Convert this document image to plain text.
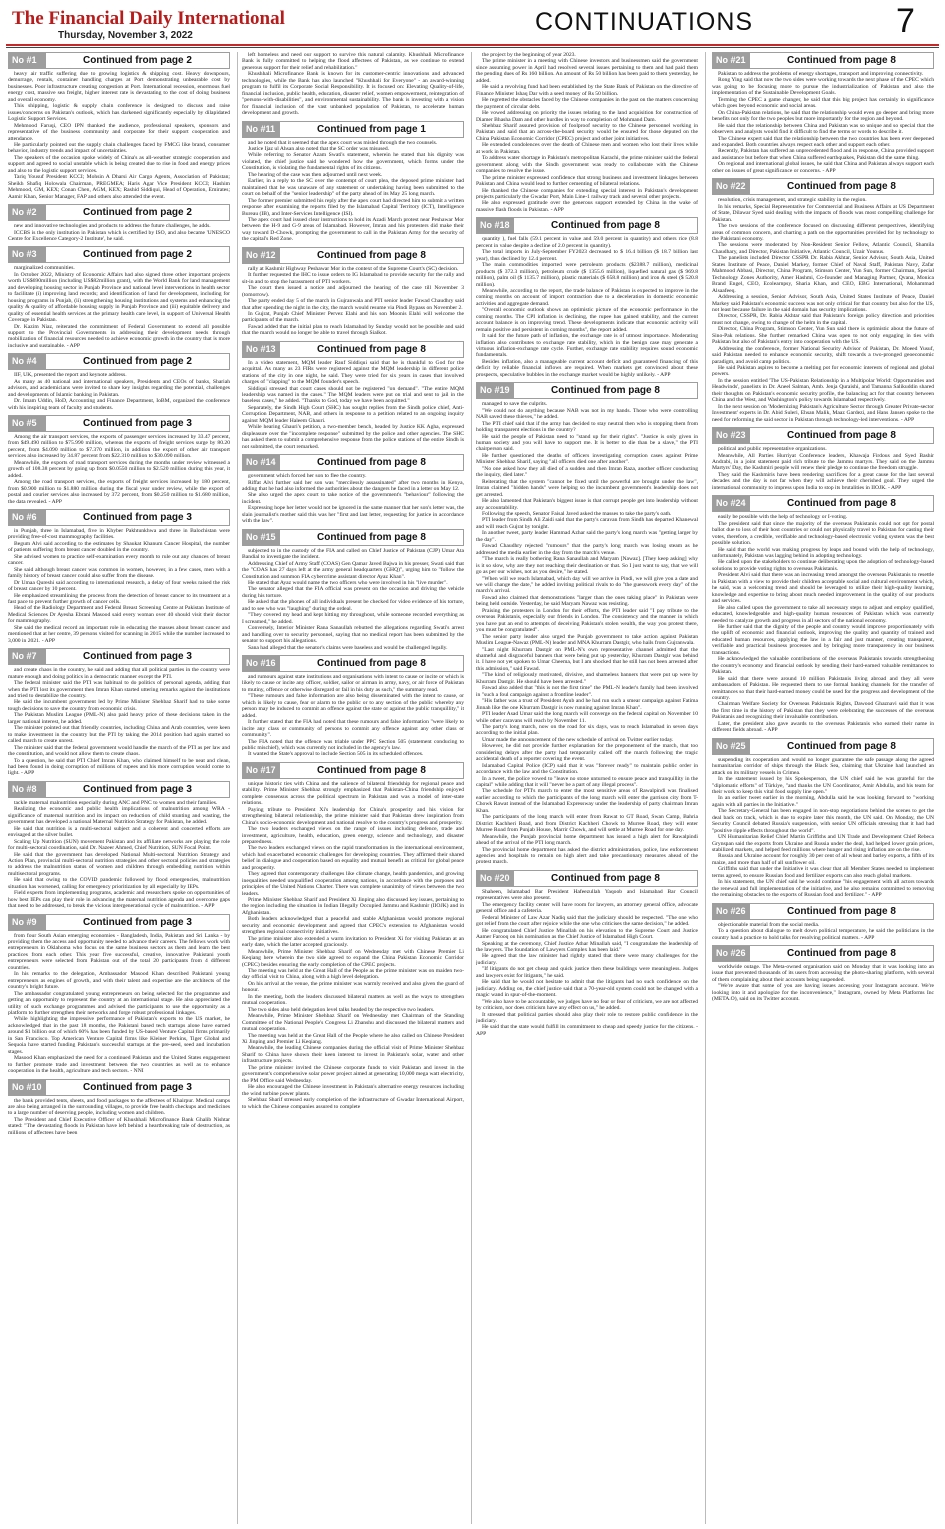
The Financial Daily International
Thursday, November 3, 2022	CONTINUATIONS	7
No #1	Continued from page 2

heavy air traffic suffering due to growing logistics & shipping cost. Heavy downpours, demurrage, rentals, container handling charges at Port demonstrating unbearable cost by businesses. Poor infrastructure creating congestion at Port. International recession, enormous fuel energy cost, massive sea freight, higher interest rate is devastating to the cost of doing business and overall economy.

This shipping, logistic & supply chain conference is designed to discuss and raise issues/concerns on Pakistan's outlook, which has darkened significantly especially by dilapidated Logistic Support Services.

Mehmood Faruqi, CEO IPN thanked the audience, professional speakers, sponsors and representative of the business community and corporate for their support cooperation and attendance.

He particularly pointed out the supply chain challenges faced by FMCG like brand, consumer behavior, industry trends and impact of uncertainties.

The speakers of the occasion spoke widely of China's as all-weather strategic cooperation and support and agreed to social unstable which is being created due to rise in food and energy prices and also to the logistic support services.

Tariq Yousuf President KCCI; Mohsin A Dharsi Air Cargo Agents, Association of Pakistan; Sheikh Shafiq Holowala Chairman, PREGMEA; Haris Agar Vice President KCCI; Hashim Mehmood, GM, KEX; Conan Chen, AGM, KEX; Rashid Siddiqui, Head of Operation, Emirates; Aamir Khan, Senior Manager, FAP and others also attended the event.

No #2	Continued from page 2

new and innovative technologies and products to address the future challenges, he adds.

ICCBS is the only institution in Pakistan which is certified by ISO, and also became 'UNESCO Centre for Excellence Category-2 Institute', he said.

No #3	Continued from page 2

marginalized communities.

In October 2022, Ministry of Economic Affairs had also signed three other important projects worth US$690million (including US$82million grant), with the World Bank for land management and developing housing sector in Punjab Province and national level interventions in health sector to facilitate (i) improving land records; and identification of land for development, including for housing programs in Punjab, (ii) strengthening housing institutions and systems and enhancing the quality & quality of affordable housing supply in Punjab Province and (iii) equitable delivery and quality of essential health services at the primary health care level, in support of Universal Health Coverage in Pakistan.

Dr. Kazim Niaz, reiterated the commitment of Federal Government to extend all possible support to the Provincial Governments in addressing their development needs through mobilization of financial resources needed to achieve economic growth in the country that is more inclusive and sustainable. - APP

No #4	Continued from page 2

IIF, UK, presented the report and keynote address.

As many as 40 national and international speakers, Presidents and CEOs of banks, Shariah advisors, and academicians were invited to share key insights regarding the potential, challenges and developments of Islamic banking in Pakistan.

Dr. Imam Uddin, HoD, Accounting and Finance Department, IoBM, organized the conference with his inspiring team of faculty and students.

No #5	Continued from page 3

Among the air transport services, the exports of passenger services increased by 33.47 percent, from $49.490 million to $75.990 million, whereas the exports of freight services surge by 80.20 percent, from $4.090 million to $7.370 million, in addition the export of other air transport services also increased by 34.87 percent from $22.310 million to $30.090 million.

Meanwhile, the exports of road transport services during the months under review witnessed a growth of 108.38 percent by going up from $0.0550 million to $2.520 million during this year, it added.

Among the road transport services, the exports of freight services increased by 180 percent, from $0.900 million to $1.880 million during the fiscal year under review, while the export of postal and courier services also increased by 372 percent, from $0.250 million to $1.680 million, the data revealed. - APP

No #6	Continued from page 3

in Punjab, three in Islamabad, five in Khyber Pakhtunkhwa and three in Balochistan were providing free-of-cost mammography facilities.

Begum Alvi said according to the estimates by Shaukat Khanum Cancer Hospital, the number of patients suffering from breast cancer doubled in the country.

She advised women to practice self-examination every month to rule out any chances of breast cancer.

She said although breast cancer was common in women, however, in a few cases, men with a family history of breast cancer could also suffer from the disease.

Dr Umaa Qureshi said according to international research, a delay of four weeks raised the risk of breast cancer by 10 percent.

He emphasized streamlining the process from the detection of breast cancer to its treatment at a fast pace to prevent further growth of cancer cells.

Head of the Radiology Department and Federal Breast Screening Centre at Pakistan Institute of Medical Sciences Dr Ayesha Ebrani Masood said every woman over 40 should visit their doctor for mammography.

She said the medical record an important role in educating the masses about breast cancer and mentioned that at her centre, 39 persons visited for scanning in 2015 while the number increased to 3,000 in 2021. - APP

No #7	Continued from page 3

and create chaos in the country, he said and adding that all political parties in the country were mature enough and doing politics in a democratic manner except the PTI.

The federal minister said the PTI was habitual to do politics of personal agenda, adding that when the PTI lost its government then Imran Khan started uttering remarks against the institutions and tried to destabilize the country.

He said the incumbent government led by Prime Minister Shehbaz Sharif had to take some tough decisions to save the country from economic crisis.

The Pakistan Muslim League (PML-N) also paid heavy price of these decisions taken in the larger national interest, he added.

The minister pointed out that friendly countries, including China and Arab countries, were keen to make investment in the country but the PTI by taking the 2014 position had again started so called march to create unrest.

The minister said that the federal government would handle the march of the PTI as per law and the constitution, and would not allow them to create chaos.

To a question, he said that PTI Chief Imran Khan, who claimed himself to be neat and clean, had been found in doing corruption of millions of rupees and his more corruption would come to light. - APP

No #8	Continued from page 3

tackle maternal malnutrition especially during ANC and PNC to women and their families.

Realizing the economic and public health implications of malnutrition among WRA - significance of maternal nutrition and its impact on reduction of child stunting and wasting, the government has developed a national Maternal Nutrition Strategy for Pakistan, he added.

He said that nutrition is a multi-sectoral subject and a coherent and concerted efforts are envisaged at the silver bullet.

Scaling Up Nutrition (SUN) movement Pakistan and its affiliate networks are playing the role for multi-sectoral coordination, said Dr. Nazeer Ahmed, Chief Nutrition, SUN Focal Point.

He said that the government has developed National Multi-sectoral Nutrition Strategy and Action Plan, provincial multi-sectoral nutrition strategies and other sectoral policies and strategies to address the malnutrition status of women and children through embedding nutrition within multisectoral programs.

He said that owing to the COVID pandemic followed by flood emergencies, malnutrition situation has worsened, calling for emergency prioritization by all especially by IEPs.

Field experts from implementing programs, academic and researchers spoke on opportunities of how best IEPs can play their role in advancing the maternal nutrition agenda and overcome gaps that need to be addressed, to break the vicious intergenerational cycle of malnutrition. - APP

No #9	Continued from page 3

from four South Asian emerging economies - Bangladesh, India, Pakistan and Sri Lanka - by providing them the access and opportunity needed to advance their careers. The fellows work with entrepreneurs in Oklahoma who focus on the same business sectors as them and learn the best practices from each other. This year five successful, creative, innovative Pakistani youth entrepreneurs were selected from Pakistan out of the total 20 participants from 4 different countries.

In his remarks to the delegation, Ambassador Masood Khan described Pakistani young entrepreneurs as engines of growth, and with their talent and expertise are the architects of the country's bright future.

The ambassador congratulated young entrepreneurs on being selected for the programme and getting an opportunity to represent the country at an international stage. He also appreciated the utility of such exchange programmes and advised the participants to use the opportunity as a platform to further strengthen their networks and forge robust professional linkages.

While highlighting the impressive performance of Pakistan's exports to the US market, he acknowledged that in the past 18 months, the Pakistani based tech startups alone have earned around $1 billion out of which 60% has been funded by US-based Venture Capital firms primarily in San Francisco. Top American Venture Capital firms like Kleiner Perkins, Tiger Global and Sequoia have started funding Pakistan's successful startups at the pre-seed, seed and incubation stages.

Masood Khan emphasized the need for a continued Pakistan and the United States engagement to further promote trade and investment between the two countries as well as to enhance cooperation in the health, agriculture and tech sectors. - NNI

No #10	Continued from page 3

the bank provided tents, sheets, and food packages to the affectees of Khairpur. Medical camps are also being arranged in the surrounding villages, to provide free health checkups and medicines to a large number of deserving people, including women and children.

The President and Chief Executive Officer of Khushhali Microfinance Bank Ghalib Nishtar stated: "The devastating floods in Pakistan have left behind a heartbreaking tale of destruction, as millions of affectees have been

left homeless and need our support to survive this natural calamity. Khushhali Microfinance Bank is fully committed to helping the flood affectees of Pakistan, as we continue to extend generous support for their relief and rehabilitation."

Khushhali Microfinance Bank is known for its customer-centric innovations and advanced technologies, while the Bank has also launched "Khushhali for Everyone" - an award-winning program to fulfil its Corporate Social Responsibility. It is focused on: Elevating Quality-of-life, financial inclusion, public health, education, disaster relief, women empowerment, reintegration of "persons-with-disabilities", and environmental sustainability. The bank is investing with a vision for financial inclusion of the vast unbanked population of Pakistan, to accelerate human development and growth.

No #11	Continued from page 1

and he noted that it seemed that the apex court was misled through the two counsels.

Justice Ijaz ul Ahsan also noted that the SC order was misused.

While referring to Senator Azam Swati's statement, wherein he stated that his dignity was violated, the chief justice said he wondered how the government, which forms under the Constitution, is violating the fundamental rights of its citizens.

The hearing of the case was then adjourned until next week.

Earlier, in a reply to the SC over the contempt of court plea, the deposed prime minister had maintained that he was unaware of any statement or undertaking having been submitted to the court on behalf of the "senior leadership" of the party ahead of its May 25 long march.

The former premier submitted his reply after the apex court had directed him to submit a written response after examining the reports filed by the Islamabad Capital Territory (ICT), Intelligence Bureau (IB), and Inter-Services Intelligence (ISI).

The apex court had issued clear instructions to hold its Azadi March protest near Peshawar Mor between the H-9 and G-9 areas of Islamabad. However, Imran and his protesters did make their way toward D-Chowk, prompting the government to call in the Pakistan Army for the security of the capital's Red Zone.

No #12	Continued from page 8

rally at Kashmir Highway Peshawar Mor in the context of the Supreme Court's (SC) decision.

It further requested the IHC to issue orders to IG Islamabad to provide security for the rally and sit-in and to stop the harassment of PTI workers.

The court then issued a notice and adjourned the hearing of the case till November 3 (tomorrow).

The party ended day 5 of the march in Gujranwala and PTI senior leader Fawad Chaudhry said that after spending the night in the city, the march would resume via Pindi Bypass on November 2.

In Gujrat, Punjab Chief Minister Pervez Elahi and his son Moonis Elahi will welcome the participants of the march.

Fawad added that the initial plan to reach Islamabad by Sunday would not be possible and said that the march would no longer be able to travel through Sialkot.

No #13	Continued from page 8

In a video statement, MQM leader Rauf Siddiqui said that he is thankful to God for the acquittal. As many as 23 FIRs were registered against the MQM leadership in different police stations of the city in one night, he said. They were tried for six years in cases that involved charges of "clapping" to the MQM founder's speech.

Siddiqui stressed that court cases should not be registered "on demand". "The entire MQM leadership was named in the cases." The MQM leaders were put on trial and sent to jail in the baseless cases," he added. "Thanks to God, today we have been acquitted."

Separately, the Sindh High Court (SHC) has sought replies from the Sindh police chief, Anti-Corruption Department, NAB, and others in response to a petition related to an ongoing inquiry against MQM leader Haleem Ghauri.

While hearing Ghauri's petition, a two-member bench, headed by Justice KK Agha, expressed displeasure over the "incomplete response" submitted by the police and other agencies. The SHC has asked them to submit a comprehensive response from the police stations of the entire Sindh is not submitted, the court remarked.

No #14	Continued from page 8

government which forced her son to flee the country.

Riffat Alvi further said her son was "mercilessly assassinated" after two months in Kenya, adding that he had also informed the authorities about the dangers he faced in a letter on May 12.

She also urged the apex court to take notice of the government's "behaviour" following the incident.

Expressing hope her letter would not be ignored in the same manner that her son's letter was, the slain journalist's mother said this was her "first and last letter, requesting for justice in accordance with the law".

No #15	Continued from page 8

subjected to in the custody of the FIA and called on Chief Justice of Pakistan (CJP) Umar Ata Bandial to investigate the incident.

Addressing Chief of Army Staff (COAS) Gen Qamar Javed Bajwa in his presser, Swati said that the "COAS has 27 days left at the army general headquarters (GHQ)", urging him to "follow the Constitution and summon FIA cybercrime assistant director Ayaz Khan".

He stated that Ayaz would name the two officers who were involved in his "live murder".

The senator alleged that the FIA official was present on the occasion and driving the vehicle during his torture.

He asked that the phones of all individuals present be checked for video evidence of his torture, and to see who was "laughing" during the ordeal.

"They covered my head and kept hitting my throughout, while someone recorded everything as I screamed," he added.

Conversely, Interior Minister Rana Sanaullah rebutted the allegations regarding Swati's arrest and handling over to security personnel, saying that no medical report has been submitted by the senator to support his allegations.

Sana had alleged that the senator's claims were baseless and would be challenged legally.

No #16	Continued from page 8

and rumours against state institutions and organisations with intent to cause or incite or which is likely to cause or incite any officer, soldier, sailor or airman in army, navy, or air force of Pakistan to mutiny, offence or otherwise disregard or fail in his duty as such," the summary read.

"These rumours and false information are also being disseminated with the intent to cause, or which is likely to cause, fear or alarm to the public or to any section of the public whereby any person may be induced to commit an offence against the state or against the public tranquillity," it added.

It further stated that the FIA had noted that these rumours and false information "were likely to incite any class or community of persons to commit any offence against any other class or community".

The FIA noted that the offence was triable under PPC Section 505 (statement conducing to public mischief), which was currently not included in the agency's law.

It wanted the State's approval to include Section 505 in its scheduled offences.

No #17	Continued from page 8

unique historic ties with China and the salience of bilateral friendship for regional peace and stability. Prime Minister Shehbaz strongly emphasized that Pakistan-China friendship enjoyed complete consensus across the political spectrum in Pakistan and was a model of inter-state relations.

Paying tribute to President Xi's leadership for China's prosperity and his vision for strengthening bilateral relationship, the prime minister said that Pakistan drew inspiration from China's socio-economic development and national resolve to the country's progress and prosperity.

The two leaders exchanged views on the range of issues including defence, trade and investment, agriculture, health, education, green energy, science and technology, and disaster preparedness.

The two leaders exchanged views on the rapid transformation in the international environment, which had exacerbated economic challenges for developing countries. They affirmed their shared belief in dialogue and cooperation based on equality and mutual benefit as critical for global peace and prosperity.

They agreed that contemporary challenges like climate change, health pandemics, and growing inequalities needed unqualified cooperation among nations, in accordance with the purposes and principles of the United Nations Charter. There was complete unanimity of views between the two leaders.

Prime Minister Shehbaz Sharif and President Xi Jinping also discussed key issues, pertaining to the region including the situation in Indian Illegally Occupied Jammu and Kashmir (IIOJK) and in Afghanistan.

Both leaders acknowledged that a peaceful and stable Afghanistan would promote regional security and economic development and agreed that CPEC's extension to Afghanistan would strengthen regional connectivity initiatives.

The prime minister also extended a warm invitation to President Xi for visiting Pakistan at an early date, which the latter accepted graciously.

Meanwhile, Prime Minister Shehbaz Sharif on Wednesday met with Chinese Premier Li Keqiang here wherein the two side agreed to expand the China Pakistan Economic Corridor (CPEC) besides ensuring the early completion of the CPEC projects.

The meeting was held at the Great Hall of the People as the prime minister was on maiden two-day official visit to China, along with a high level delegation.

On his arrival at the venue, the prime minister was warmly received and also given the guard of honour.

In the meeting, both the leaders discussed bilateral matters as well as the ways to strengthen mutual cooperation.

The two sides also held delegation level talks headed by the respective two leaders.

Meanwhile, Prime Minister Shehbaz Sharif on Wednesday met Chairman of the Standing Committee of the National People's Congress Li Zhanshu and discussed the bilateral matters and mutual cooperation.

The meeting was held at the Great Hall of the People where he also called on Chinese President Xi Jinping and Premier Li Keqiang.

Meanwhile, the leading Chinese companies during the official visit of Prime Minister Shehbaz Sharif to China have shown their keen interest to invest in Pakistan's solar, water and other infrastructure projects.

The prime minister invited the Chinese corporate funds to visit Pakistan and invest in the government's comprehensive solar power project aimed at generating 10,000 mega watt electricity, the PM Office said Wednesday.

He also encouraged the Chinese investment in Pakistan's alternative energy resources including the wind turbine power plants.

Shehbaz Sharif stressed early completion of the infrastructure of Gwadar International Airport, to which the Chinese companies assured to complete

the project by the beginning of year 2023.

The prime minister in a meeting with Chinese investors and businessmen said the government since assuming power in April had resolved several issues pertaining to them and had paid them the pending dues of Rs 160 billion. An amount of Rs 50 billion has been paid to them yesterday, he added.

He said a revolving fund had been established by the State Bank of Pakistan on the directive of Finance Minister Ishaq Dar with a seed money of Rs 50 billion.

He regretted the obstacles faced by the Chinese companies in the past on the matters concerning the payment of circular debt.

He vowed addressing on priority the issues relating to the land acquisition for construction of Diamer Bhasha Dam and other hurdles in way to completion of Mohmand Dam.

Shehbaz Sharif assured provision of foolproof security to the Chinese personnel working in Pakistan and said that an across-the-board security would be ensured for those deputed on the China Pakistan Economic Corridor (CPEC) project and other joint initiatives.

He extended condolences over the death of Chinese men and women who lost their lives while at work in Pakistan.

To address water shortage in Pakistan's metropolitan Karachi, the prime minister said the federal government along with the Sindh government was ready to collaborate with the Chinese companies to resolve the issue.

The prime minister expressed confidence that strong business and investment linkages between Pakistan and China would lead to further cementing of bilateral relations.

He thanked the Chinese companies for extending special interest in Pakistan's development projects particularly the Gwadar Port, Main Line-1 railway track and several other projects.

He also expressed gratitude over the generous support extended by China in the wake of massive flash floods in Pakistan. - APP

No #18	Continued from page 8

quantity ), fuel falls (59.1 percent in value and 59.0 percent in quantity) and others rice (8.8 percent in value despite a decline of 2.0 percent in quantity).

The total imports in July-September FY2023 decreased to $ 16.4 billion ($ 18.7 billion last year), thus declined by 12.4 percent.

The main commodities imported were petroleum products ($2388.7 million), medicinal products ($ 372.3 million), petroleum crude ($ 1355.6 million), liquefied natural gas ($ 969.8 million), palm oil ($ 1135.7 million), plastic materials ($ 658.8 million) and iron & steel ($ 520.8 million).

Meanwhile, according to the report, the trade balance of Pakistan is expected to improve in the coming months on account of import contraction due to a deceleration in domestic economic activities and aggregate demand.

"Overall economic outlook shows an optimistic picture of the economic performance in the coming months. The CPI inflation is declining, the rupee has gained stability, and the current account balance is on improving trend. These developments indicate that economic activity will remain positive and persistent in coming months", the report added.

It said for the future path of inflation, the exchange rate is of utmost importance. Moderating inflation also contributes to exchange rate stability, which in the benign case may generate a virtuous inflation-exchange rate cycle. Further, exchange rate stability requires sound economic fundamentals.

Besides inflation, also a manageable current account deficit and guaranteed financing of this deficit by reliable financial inflows are required. When markets get convinced about these prospects, speculative bubbles in the exchange market would be highly unlikely. - APP

No #19	Continued from page 8

managed to save the culprits.

"We could not do anything because NAB was not in my hands. Those who were controlling NAB saved these thieves," he added.

The PTI chief said that if the army has decided to stay neutral then who is stopping them from holding transparent elections in the country?

He said the people of Pakistan need to "stand up for their rights". "Justice is only given in human society and you will have to support me. It is better to die than be a slave," the PTI chairperson said.

He further questioned the deaths of officers investigating corruption cases against Prime Minister Shehbaz Sharif, saying "all officers died one after another".

"No one asked how they all died of a sudden and then Imran Raza, another officer conducting the inquiry, died later."

Reiterating that the system "cannot be fixed until the powerful are brought under the law", Imran claimed "hidden hands" were helping so the incumbent government's leadership does not get arrested.

He also lamented that Pakistan's biggest issue is that corrupt people get into leadership without any accountability.

Following the speech, Senator Faisal Javed asked the masses to take the party's oath.

PTI leader from Sindh Ali Zaidi said that the party's caravan from Sindh has departed Khanewal and will reach Gujrat by tonight.

In another tweet, party leader Hammad Azhar said the party's long march was "getting larger by the day".

Fawad Chaudhry rejected "rumours" that the party's long march was losing steam as he addressed the media earlier in the day from the march's venue.

"The march is really bothering Rana Sanaullah and Maryam [Nawaz]. [They keep asking] why is it so slow, why are they not reaching their destination or that. So I just want to say, that we will go as per our wishes, not as you desire," he stated.

"When will we reach Islamabad, which day will we arrive in Pindi, we will give you a date and we will change the date," he added inviting political rivals to do "the guesswork every day" of the march's arrival.

Fawad also claimed that demonstrations "larger than the ones taking place" in Pakistan were being held outside. Yesterday, he said Maryam Nawaz was resisting.

Praising the protesters in London for their efforts, the PTI leader said "I pay tribute to the overseas Pakistanis, especially our friends in London. The consistency and the manner in which you have put an end to attempts of deceiving Pakistan's stolen wealth, the way you protest there, you must be congratulated".

The senior party leader also urged the Punjab government to take action against Pakistan Muslim League-Nawaz (PML-N) leader and MNA Khurram Dastgir, who hails from Gujranwala.

"Last night Khurram Dastgir on PML-N's own representative channel admitted that the shameful and disgraceful banners that were being put up yesterday, Khurram Dastgir was behind it. I have not yet spoken to Umar Cheema, but I am shocked that he still has not been arrested after this admission," said Fawad.

"The kind of religiously motivated, divisive, and shameless banners that were put up were by Khurram Dastgir. He should have been arrested."

Fawad also added that "this is not the first time" the PML-N leader's family had been involved in "such a foul campaign against a frontline leader".

"His father was a trust of President Ayub and he had run such a smear campaign against Fatima Jinnah like the one Khurram Dastgir is now running against Imran Khan".

PTI leader Asad Umar said the long march will converge on the federal capital on November 10 while other caravans will reach by November 11.

The party's long march, now on the road for six days, was to reach Islamabad in seven days according to the initial plan.

Umar made the announcement of the new schedule of arrival on Twitter earlier today.

However, he did not provide further explanation for the preponement of the march, that too considering delays after the party had temporarily called off the march following the tragic accidental death of a reporter covering the event.

Islamabad Capital Police (ICP) said that it was "forever ready" to maintain public order in accordance with the law and the Constitution.

In a tweet, the police vowed to "leave no stone unturned to ensure peace and tranquillity in the capital" while adding that it will "never be a part of any illegal process".

The schedule for PTI's march to enter the most sensitive areas of Rawalpindi was finalised earlier according to which the participants of the long march will enter the garrison city from T-Chowk Rawat instead of the Islamabad Expressway under the leadership of party chairman Imran Khan.

The participants of the long march will enter from Rawat to GT Road, Swan Camp, Bahria District Kachheri Road, and from District Kachheri Chowk to Murree Road, they will enter Murree Road from Punjab House, Marrir Chowk, and will settle at Murree Road for one day.

Meanwhile, the Punjab provincial home department has issued a high alert for Rawalpindi ahead of the arrival of the PTI long march.

The provincial home department has asked the district administration, police, law enforcement agencies and hospitals to remain on high alert and take precautionary measures ahead of the protest march.

No #20	Continued from page 8

Shaheen, Islamabad Bar President Hafeezullah Yaqoob and Islamabad Bar Council representatives were also present.

The emergency facility center will have room for lawyers, an attorney general office, advocate general office and a cafeteria.

Federal Minister of Law Azar Nadiq said that the judiciary should be respected. "The one who got relief from the court after rejoice while the one who criticises the same decision," he added.

He congratulated Chief Justice Minallah on his elevation to the Supreme Court and Justice Aamer Farooq on his nomination as the Chief Justice of Islamabad High Court.

Speaking at the ceremony, Chief Justice Athar Minallah said, "I congratulate the leadership of the lawyers. The foundation of Lawyers Complex has been laid."

He agreed that the law minister had rightly stated that there were many challenges for the judiciary.

"If litigants do not get cheap and quick justice then these buildings were meaningless. Judges and lawyers exist for litigants," he said.

He said that he would not hesitate to admit that the litigants had no such confidence on the judiciary. Adding on, the chief justice said that a 70-year-old system could not be changed with a magic wand in spur-of-the-moment.

"We also have to be accountable, we judges have no fear or fear of criticism, we are not affected by criticism, nor does criticism have any effect on us," he added.

It stressed that political parties should also play their role to restore public confidence in the judiciary.

He said that the state would fulfill its commitment to cheap and speedy justice for the citizens. - APP

No #21	Continued from page 8

Pakistan to address the problems of energy shortages, transport and improving connectivity.

Rong Ying said that now the two sides were working towards the next phase of the CPEC which was going to be focusing more to pursue the industrialization of Pakistan and also the implementation of the Sustainable Development Goals.

Terming the CPEC a game changer, he said that this big project has certainly in significance which goes beyond economic and social areas.

On China-Pakistan relations, he said that the relationship would even go deeper and bring more benefits not only for the two peoples but more importantly for the region and beyond.

He said that the relationship between China and Pakistan was so unique and so special that the observers and analysts would find it difficult to find the terms or words to describe it.

The Chinese expert said that the relationship between the two countries has been ever deepened and expanded. Both countries always respect each other and support each other.

Recently, Pakistan has suffered an unprecedented flood and in response, China provided support and assistance but before that when China suffered earthquakes, Pakistan did the same thing.

On regional and international global issues, he said that China and Pakistan always support each other on issues of great significance or concerns. - APP

No #22	Continued from page 8

resolution, crisis management, and strategic stability in the region.

In his remarks, Special Representative for Commercial and Business Affairs at US Department of State, Dilawar Syed said dealing with the impacts of floods was most compelling challenge for Pakistan.

The two sessions of the conference focused on discussing different perspectives, identifying areas of common concern, and charting a path on the opportunities provided for by technology to the Pakistani economy.

The sessions were moderated by Non-Resident Senior Fellow, Atlantic Council, Shamila Chaudhary, and Director, Pakistan Initiative, Atlantic Council, Uzair Younus.

The panelists included Director CSSPR Dr. Rabia Akhtar, Senior Advisor, South Asia, United States Institute of Peace, Daniel Markey, former Chief of Naval Staff, Pakistan Navy, Zafar Mahmood Abbasi, Director, China Program, Stimson Center, Yun Sun, former Chairman, Special Technology Zones Authority, Amer Hashmi, Co-founder and Managing Partner, Qvana, Monica Brand Engel, CEO, Ecolearnpsy, Sharia Khan, and CEO, EBG International, Mohammad Alsaafeeq.

Addressing a session, Senior Advisor, South Asia, United States Institute of Peace, Daniel Markey said Pakistan's economic success was not only critical for that country but also for the US, not least because failure in the said domain has security implications.

Director, CSSPR, Dr. Rabia Akhtar said that Pakistan's foreign policy direction and priorities must not change, owing to change of the helm in the capital.

Director, China Program, Stimson Center, Yun Sun said there is optimistic about the future of Sino-Pak relations. She further remarked China was open to not only engaging in ties with Pakistan but also of Pakistan's entry into cooperation with the US.

Addressing the conference, former National Security Advisor of Pakistan, Dr. Moeed Yusuf, said Pakistan needed to enhance economic security, shift towards a two-pronged geoeconomic paradigm, and avoid camp politics.

He said Pakistan aspires to become a melting pot for economic interests of regional and global powers.

In the session entitled 'The US-Pakistan Relationship in a Multipolar World: Opportunities and Headwinds', panelists in Dr. Aneel Salman, Amb. Jenja Quraishi, and Tamanna Salikuddin shared their thoughts on Pakistan's economic security profile, the balancing act for that country between China and the West, and Washington's policy towards Islamabad respectively.

In the next session on 'Modernizing Pakistan's Agriculture Sector through Greater Private-sector Investment' experts in Dr. Abid Suleri, Ehsan Malik, Maaz Gardezi, and Hans Jansen spoke to the need for reforming the said sector in Pakistan through technology-led interventions. - APP

No #23	Continued from page 8

political and public representative organizations.

Meanwhile, All Parties Hurriyat Conference leaders, Khawaja Firdous and Syed Bashir Andrabi, in a joint statement paid rich tribute to the Jammu martyrs. They said on the Jammu Martyrs' Day, the Kashmiri people will renew their pledge to continue the freedom struggle.

They said the Kashmiris have been rendering sacrifices for a great cause for the last several decades and the day is not far when they will achieve their cherished goal. They urged the international community to impress upon India to stop its brutalities in IIOJK. - APP

No #24	Continued from page 8

easily be possible with the help of technology or I-voting.

The president said that since the majority of the overseas Pakistanis could not opt for postal ballot due to loss of their host countries or could not physically travel to Pakistan for casting their votes, therefore, a credible, verifiable and technology-based electronic voting system was the best possible solution.

He said that the world was making progress by leaps and bound with the help of technology, unfortunately, Pakistan was lagging behind in adopting technology.

He called upon the stakeholders to continue deliberating upon the adoption of technology-based solutions to provide voting rights to overseas Pakistanis.

President Alvi said that there was an increasing trend amongst the overseas Pakistanis to resettle in Pakistan with a view to provide their children acceptable social and cultural environment which, he said, was a welcoming trend and should be leveraged to utilize their high-quality learning, knowledge and expertise to bring about much needed improvement in the quality of our products and services.

He also called upon the government to take all necessary steps to adjust and employ qualified, educated, knowledgeable and high-quality human resources of Pakistan which was currently needed to catalyze growth and progress in all sectors of the national economy.

He further said that the dignity of the people and country would improve proportionately with the uplift of economic and financial outlook, improving the quality and quantity of trained and educated human resources, applying the law in a fair and just manner, creating transparent, verifiable and practical business processes and by bringing more transparency in our business transactions.

He acknowledged the valuable contributions of the overseas Pakistanis towards strengthening the country's economy and financial outlook by sending their hard-earned valuable remittances to Pakistan.

He said that there were around 10 million Pakistanis living abroad and they all were ambassadors of Pakistan. He requested them to use formal banking channels for the transfer of remittances so that their hard-earned money could be used for the progress and development of the country.

Chairman Welfare Society for Overseas Pakistanis Rights, Dawood Ghaznavi said that it was the first time in the history of Pakistan that they were celebrating the successes of the overseas Pakistanis and recognizing their invaluable contribution.

Later, the president also gave awards to the overseas Pakistanis who earned their name in different fields abroad. - APP

No #25	Continued from page 8

suspending its cooperation and would no longer guarantee the safe passage along the agreed humanitarian corridor of ships through the Black Sea, claiming that Ukraine had launched an attack on its military vessels in Crimea.

In the statement issued by his Spokesperson, the UN chief said he was grateful for the "diplomatic efforts" of Türkiye, "and thanks the UN Coordinator, Amir Abdulla, and his team for their work to keep this vital food supply line open."

In an earlier tweet earlier in the morning, Abdulla said he was looking forward to "working again with all parties in the Initiative."

The Secretary-General has been engaged in non-stop negotiations behind the scenes to get the deal back on track, which is due to expire later this month, the UN said. On Monday, the UN Security Council debated Russia's suspension, with senior UN officials stressing that it had had "positive ripple effects throughout the world".

UN Humanitarian Relief Chief Martin Griffiths and UN Trade and Development Chief Rebeca Grynspan said the exports from Ukraine and Russia under the deal, had helped lower grain prices, stabilized markets, and helped feed millions where hunger and rising inflation are on the rise.

Russia and Ukraine account for roughly 30 per cent of all wheat and barley exports, a fifth of its maize, and more than half of all sunflower oil.

Griffiths said that under the Initiative it was clear that all Member States needed to implement terms agreed, to ensure Russian food and fertilizer exports can also reach global markets.

In his statement, the UN chief said he would continue "his engagement with all actors towards the renewal and full implementation of the initiative, and he also remains committed to removing the remaining obstacles to the exports of Russian food and fertilizer." - APP

No #26	Continued from page 8

objectionable material from the social media.

To a question about dialogue to melt down political temperature, he said the politicians in the country had a practice to hold talks for resolving political matters. - APP

No #26	Continued from page 8

worldwide outage. The Meta-owned organisation said on Monday that it was looking into an issue that prevented thousands of its users from accessing the photo-sharing platform, with several of them complaining about their accounts being suspended.

"We're aware that some of you are having issues accessing your Instagram account. We're looking into it and apologize for the inconvenience," Instagram, owned by Meta Platforms Inc (META.O), said on its Twitter account.
